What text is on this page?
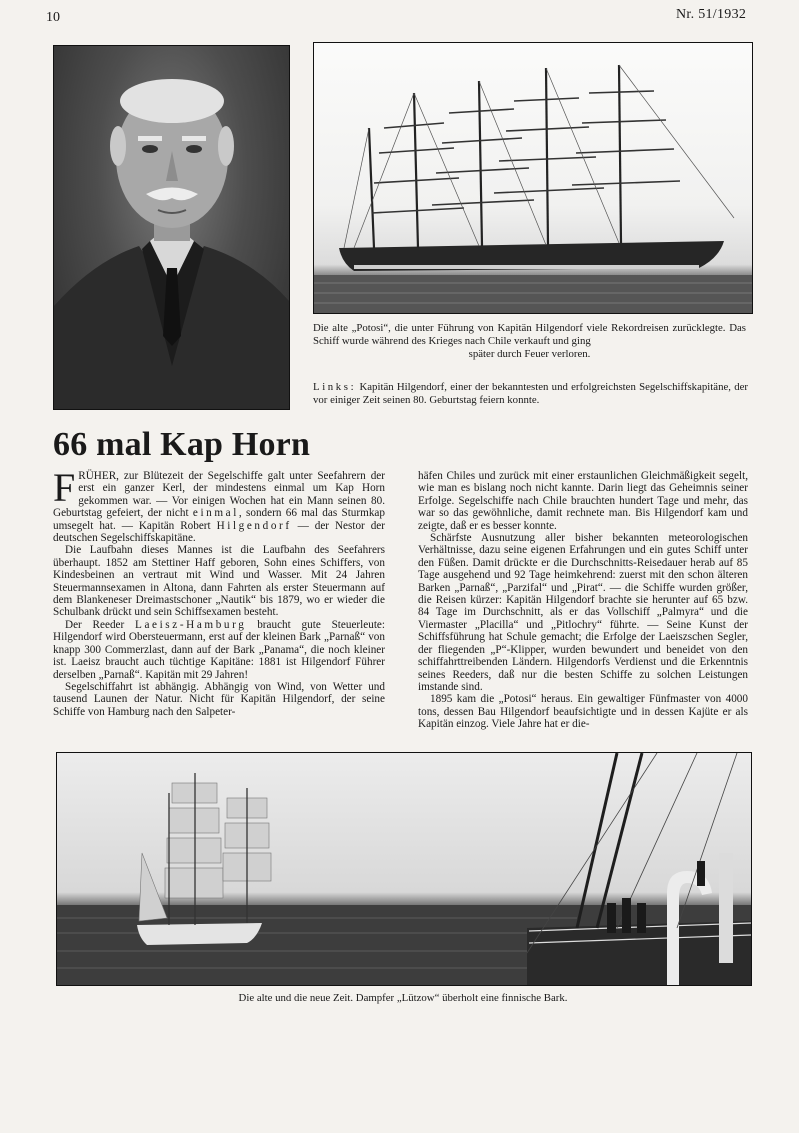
10	Nr. 51/1932
Die alte „Potosi“, die unter Führung von Kapitän Hilgendorf viele Rekordreisen zurücklegte. Das Schiff wurde während des Krieges nach Chile verkauft und ging
später durch Feuer verloren.
Links: Kapitän Hilgendorf, einer der bekanntesten und erfolgreichsten Segelschiffskapitäne, der vor einiger Zeit seinen 80. Geburtstag feiern konnte.
66 mal Kap Horn

FRÜHER, zur Blütezeit der Segelschiffe galt unter Seefahrern der erst ein ganzer Kerl, der mindestens einmal um Kap Horn gekommen war. — Vor einigen Wochen hat ein Mann seinen 80. Geburtstag gefeiert, der nicht einmal, sondern 66 mal das Sturmkap umsegelt hat. — Kapitän Robert Hilgendorf — der Nestor der deutschen Segelschiffskapitäne.

Die Laufbahn dieses Mannes ist die Laufbahn des Seefahrers überhaupt. 1852 am Stettiner Haff geboren, Sohn eines Schiffers, von Kindesbeinen an vertraut mit Wind und Wasser. Mit 24 Jahren Steuermannsexamen in Altona, dann Fahrten als erster Steuermann auf dem Blankeneser Dreimastschoner „Nautik“ bis 1879, wo er wieder die Schulbank drückt und sein Schiffsexamen besteht.

Der Reeder Laeisz-Hamburg braucht gute Steuerleute: Hilgendorf wird Obersteuermann, erst auf der kleinen Bark „Parnaß“ von knapp 300 Commerzlast, dann auf der Bark „Panama“, die noch kleiner ist. Laeisz braucht auch tüchtige Kapitäne: 1881 ist Hilgendorf Führer derselben „Parnaß“. Kapitän mit 29 Jahren!

Segelschiffahrt ist abhängig. Abhängig von Wind, von Wetter und tausend Launen der Natur. Nicht für Kapitän Hilgendorf, der seine Schiffe von Hamburg nach den Salpeter-

häfen Chiles und zurück mit einer erstaunlichen Gleichmäßigkeit segelt, wie man es bislang noch nicht kannte. Darin liegt das Geheimnis seiner Erfolge. Segelschiffe nach Chile brauchten hundert Tage und mehr, das war so das gewöhnliche, damit rechnete man. Bis Hilgendorf kam und zeigte, daß er es besser konnte.

Schärfste Ausnutzung aller bisher bekannten meteorologischen Verhältnisse, dazu seine eigenen Erfahrungen und ein gutes Schiff unter den Füßen. Damit drückte er die Durchschnitts-Reisedauer herab auf 85 Tage ausgehend und 92 Tage heimkehrend: zuerst mit den schon älteren Barken „Parnaß“, „Parzifal“ und „Pirat“. — die Schiffe wurden größer, die Reisen kürzer: Kapitän Hilgendorf brachte sie herunter auf 65 bzw. 84 Tage im Durchschnitt, als er das Vollschiff „Palmyra“ und die Viermaster „Placilla“ und „Pitlochry“ führte. — Seine Kunst der Schiffsführung hat Schule gemacht; die Erfolge der Laeiszschen Segler, der fliegenden „P“-Klipper, wurden bewundert und beneidet von den schiffahrttreibenden Ländern. Hilgendorfs Verdienst und die Erkenntnis seines Reeders, daß nur die besten Schiffe zu solchen Leistungen imstande sind.

1895 kam die „Potosi“ heraus. Ein gewaltiger Fünfmaster von 4000 tons, dessen Bau Hilgendorf beaufsichtigte und in dessen Kajüte er als Kapitän einzog. Viele Jahre hat er die-

Die alte und die neue Zeit. Dampfer „Lützow“ überholt eine finnische Bark.
